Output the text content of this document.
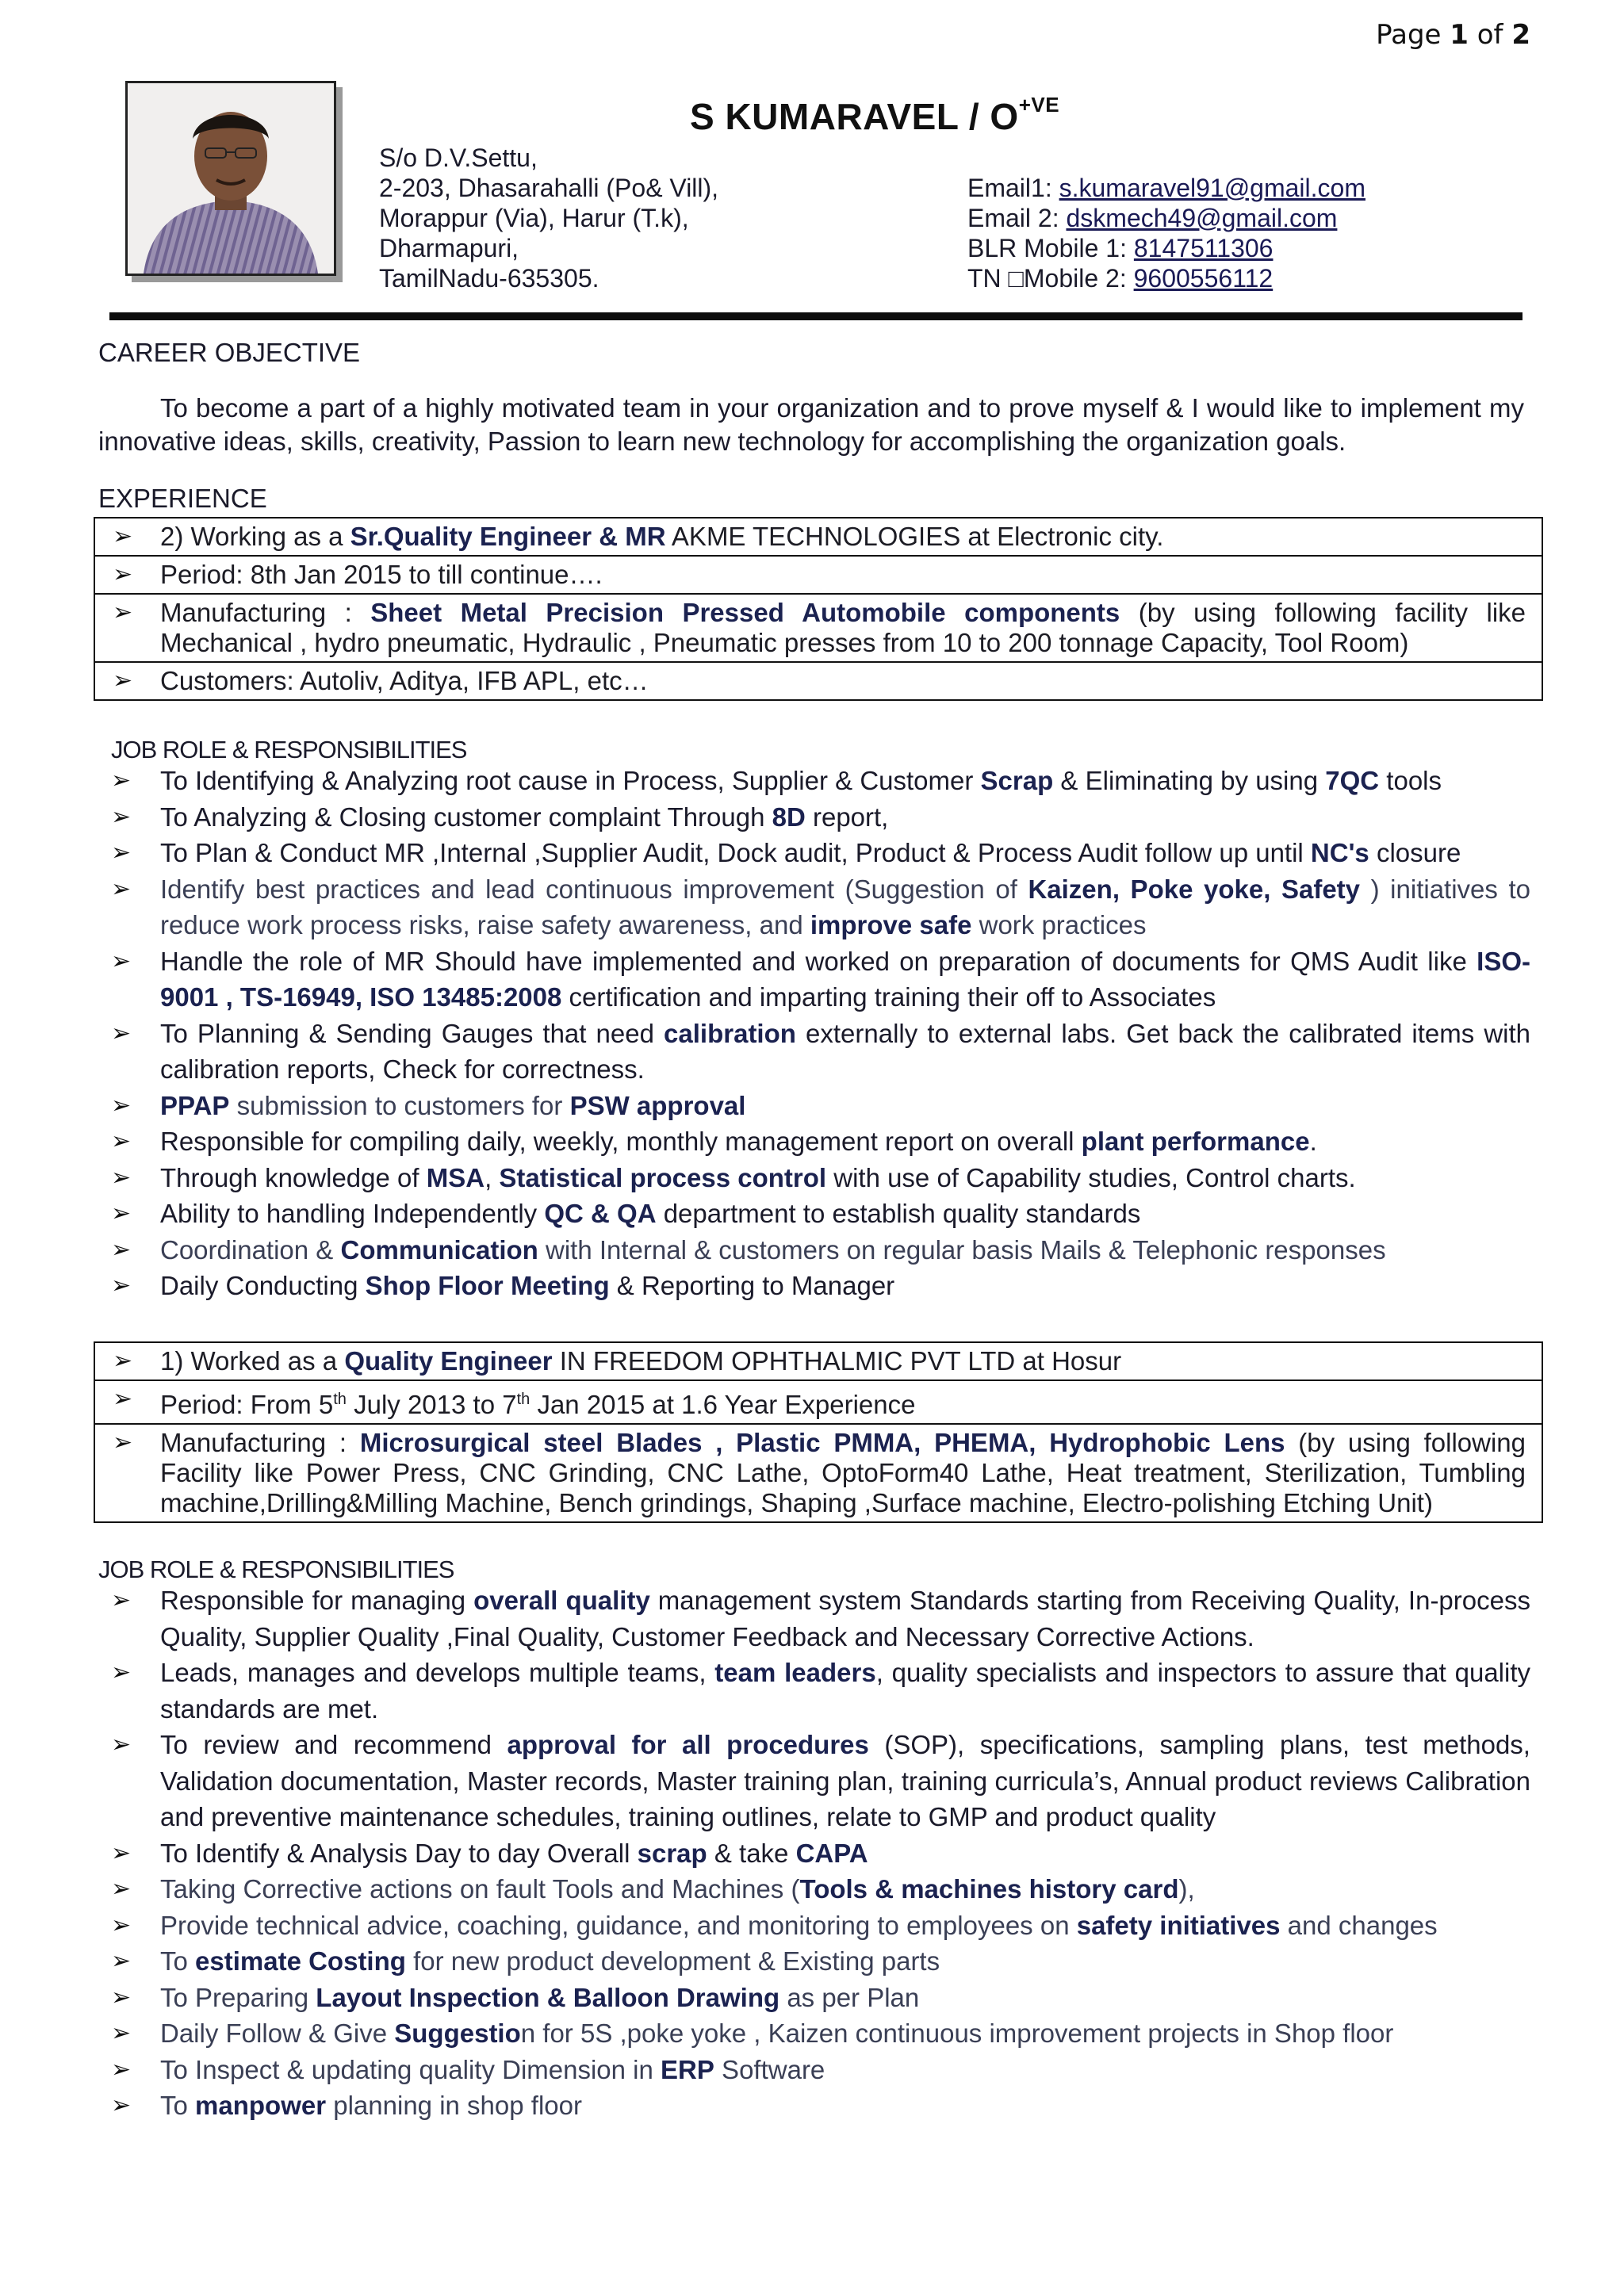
Page 1 of 2
S KUMARAVEL / $O^{+VE}$
S/o D.V.Settu,
2-203, Dhasarahalli (Po& Vill),
Morappur (Via), Harur (T.k),
Dharmapuri,
TamilNadu-635305.
Email1: s.kumaravel91@gmail.com
Email 2: dskmech49@gmail.com
BLR Mobile 1: 8147511306
TN □Mobile 2: 9600556112
CAREER OBJECTIVE
To become a part of a highly motivated team in your organization and to prove myself & I would like to implement my innovative ideas, skills, creativity, Passion to learn new technology for accomplishing the organization goals.
EXPERIENCE
➢ 2) Working as a Sr.Quality Engineer & MR AKME TECHNOLOGIES at Electronic city.
➢ Period: 8th Jan 2015 to till continue….
➢ Manufacturing : Sheet Metal Precision Pressed Automobile components (by using following facility like Mechanical , hydro pneumatic, Hydraulic , Pneumatic presses from 10 to 200 tonnage Capacity, Tool Room)
➢ Customers: Autoliv, Aditya, IFB APL, etc…
JOB ROLE & RESPONSIBILITIES
➢ To Identifying & Analyzing root cause in Process, Supplier & Customer Scrap & Eliminating by using 7QC tools
➢ To Analyzing & Closing customer complaint Through 8D report,
➢ To Plan & Conduct MR ,Internal ,Supplier Audit, Dock audit, Product & Process Audit follow up until NC's closure
➢ Identify best practices and lead continuous improvement (Suggestion of Kaizen, Poke yoke, Safety ) initiatives to reduce work process risks, raise safety awareness, and improve safe work practices
➢ Handle the role of MR Should have implemented and worked on preparation of documents for QMS Audit like ISO-9001 , TS-16949, ISO 13485:2008 certification and imparting training their off to Associates
➢ To Planning & Sending Gauges that need calibration externally to external labs. Get back the calibrated items with calibration reports, Check for correctness.
➢ PPAP submission to customers for PSW approval
➢ Responsible for compiling daily, weekly, monthly management report on overall plant performance.
➢ Through knowledge of MSA, Statistical process control with use of Capability studies, Control charts.
➢ Ability to handling Independently QC & QA department to establish quality standards
➢ Coordination & Communication with Internal & customers on regular basis Mails & Telephonic responses
➢ Daily Conducting Shop Floor Meeting & Reporting to Manager
➢ 1) Worked as a Quality Engineer IN FREEDOM OPHTHALMIC PVT LTD at Hosur
➢ Period: From 5th July 2013 to 7th Jan 2015 at 1.6 Year Experience
➢ Manufacturing : Microsurgical steel Blades , Plastic PMMA, PHEMA, Hydrophobic Lens (by using following Facility like Power Press, CNC Grinding, CNC Lathe, OptoForm40 Lathe, Heat treatment, Sterilization, Tumbling machine,Drilling&Milling Machine, Bench grindings, Shaping ,Surface machine, Electro-polishing Etching Unit)
JOB ROLE & RESPONSIBILITIES
➢ Responsible for managing overall quality management system Standards starting from Receiving Quality, In-process Quality, Supplier Quality ,Final Quality, Customer Feedback and Necessary Corrective Actions.
➢ Leads, manages and develops multiple teams, team leaders, quality specialists and inspectors to assure that quality standards are met.
➢ To review and recommend approval for all procedures (SOP), specifications, sampling plans, test methods, Validation documentation, Master records, Master training plan, training curricula’s, Annual product reviews Calibration and preventive maintenance schedules, training outlines, relate to GMP and product quality
➢ To Identify & Analysis Day to day Overall scrap & take CAPA
➢ Taking Corrective actions on fault Tools and Machines (Tools & machines history card),
➢ Provide technical advice, coaching, guidance, and monitoring to employees on safety initiatives and changes
➢ To estimate Costing for new product development & Existing parts
➢ To Preparing Layout Inspection & Balloon Drawing as per Plan
➢ Daily Follow & Give Suggestion for 5S ,poke yoke , Kaizen continuous improvement projects in Shop floor
➢ To Inspect & updating quality Dimension in ERP Software
➢ To manpower planning in shop floor
